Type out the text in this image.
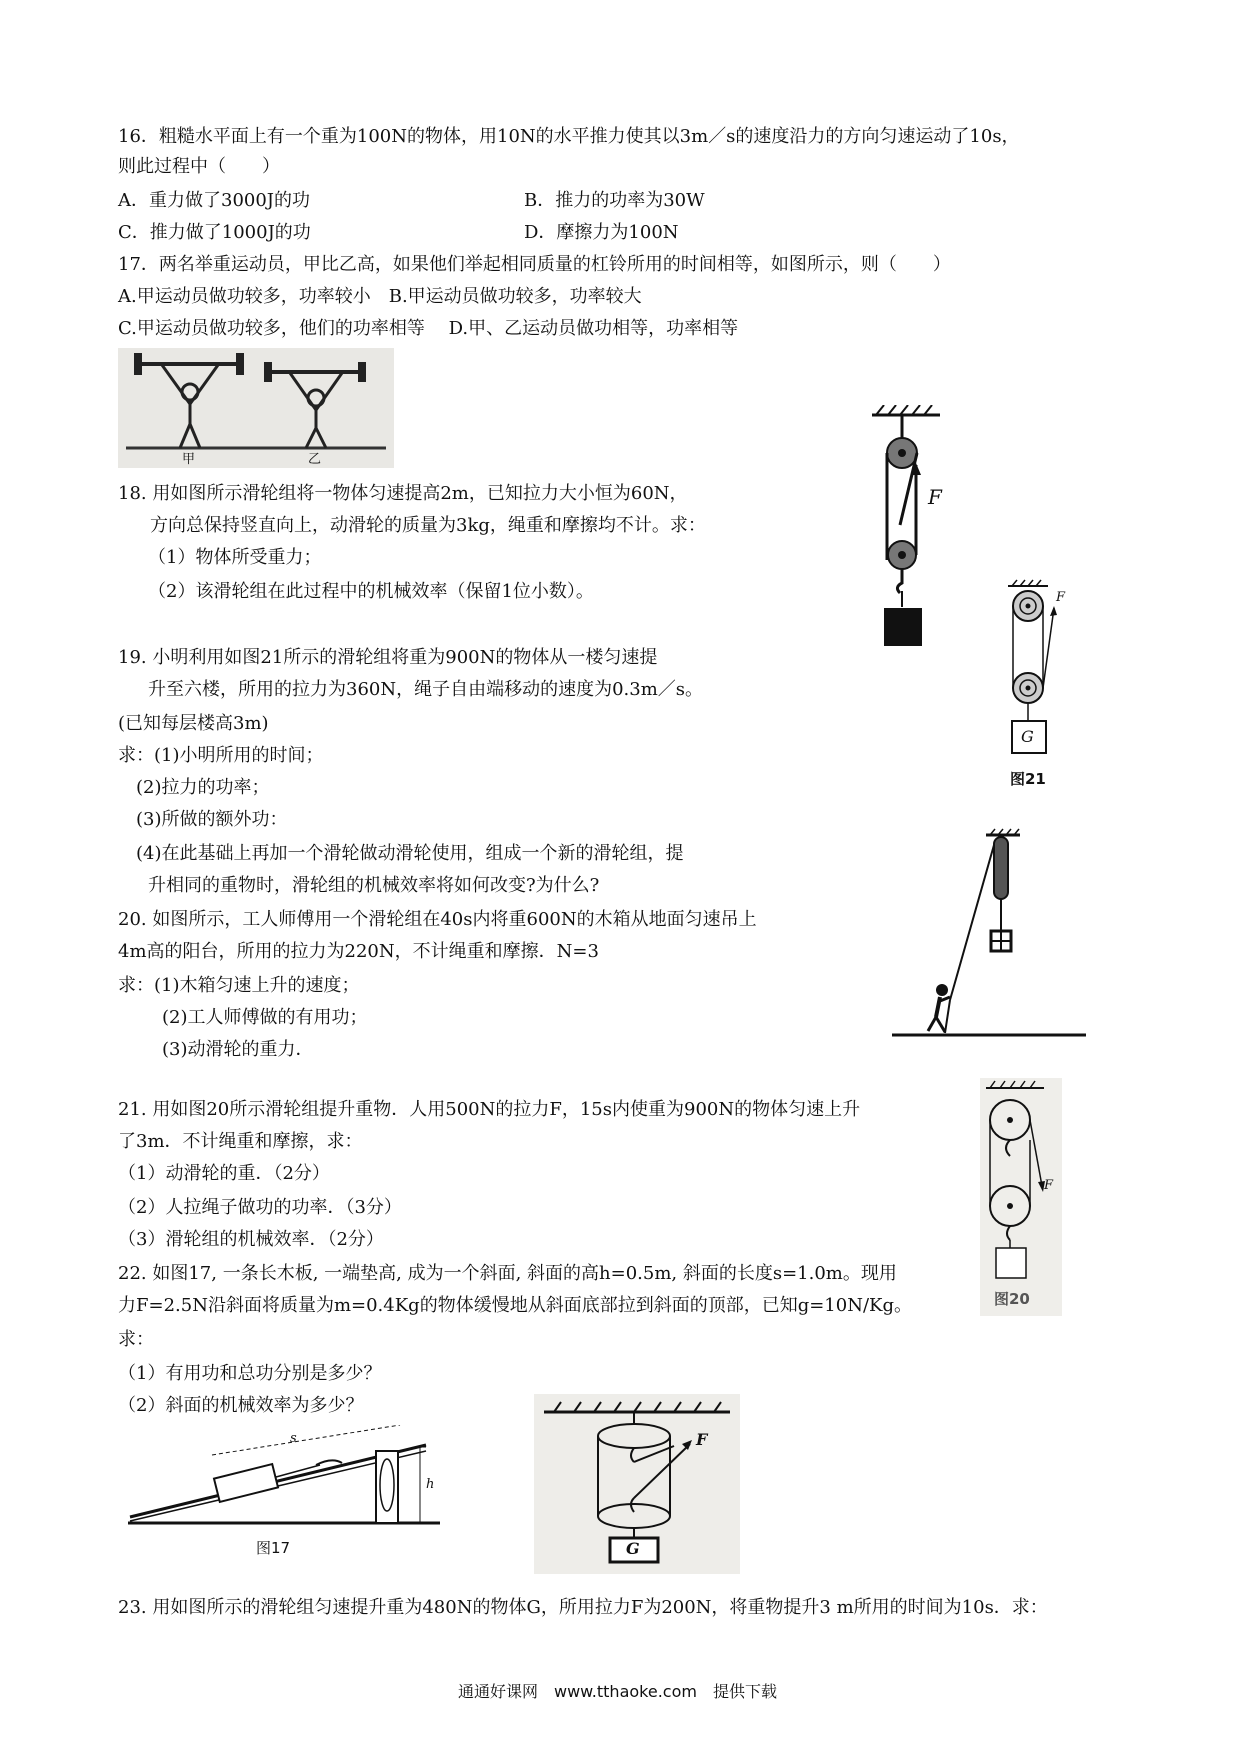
16．粗糙水平面上有一个重为100N的物体，用10N的水平推力使其以3m／s的速度沿力的方向匀速运动了10s，
则此过程中（　　）
A．重力做了3000J的功	B．推力的功率为30W
C．推力做了1000J的功	D．摩擦力为100N
17．两名举重运动员，甲比乙高，如果他们举起相同质量的杠铃所用的时间相等，如图所示，则（　　）
A.甲运动员做功较多，功率较小　B.甲运动员做功较多，功率较大
C.甲运动员做功较多，他们的功率相等　 D.甲、乙运动员做功相等，功率相等
甲	乙
18. 用如图所示滑轮组将一物体匀速提高2m，已知拉力大小恒为60N，
方向总保持竖直向上，动滑轮的质量为3kg，绳重和摩擦均不计。求：
（1）物体所受重力；
（2）该滑轮组在此过程中的机械效率（保留1位小数）。
F
19. 小明利用如图21所示的滑轮组将重为900N的物体从一楼匀速提
升至六楼，所用的拉力为360N，绳子自由端移动的速度为0.3m／s。
(已知每层楼高3m)
求：(1)小明所用的时间；
(2)拉力的功率；
(3)所做的额外功：
(4)在此基础上再加一个滑轮做动滑轮使用，组成一个新的滑轮组，提
升相同的重物时，滑轮组的机械效率将如何改变?为什么?
F
G
图21
20. 如图所示，工人师傅用一个滑轮组在40s内将重600N的木箱从地面匀速吊上
4m高的阳台，所用的拉力为220N，不计绳重和摩擦．N=3
求：(1)木箱匀速上升的速度；
(2)工人师傅做的有用功；
(3)动滑轮的重力．
21. 用如图20所示滑轮组提升重物．人用500N的拉力F，15s内使重为900N的物体匀速上升
了3m．不计绳重和摩擦，求：
（1）动滑轮的重．（2分）
（2）人拉绳子做功的功率．（3分）
（3）滑轮组的机械效率．（2分）
F
图20
22. 如图17, 一条长木板, 一端垫高, 成为一个斜面, 斜面的高h=0.5m, 斜面的长度s=1.0m。现用
力F=2.5N沿斜面将质量为m=0.4Kg的物体缓慢地从斜面底部拉到斜面的顶部，已知g=10N/Kg。
求：
（1）有用功和总功分别是多少？
（2）斜面的机械效率为多少？
s
h
图17
F
G
23. 用如图所示的滑轮组匀速提升重为480N的物体G，所用拉力F为200N，将重物提升3 m所用的时间为10s．求：
通通好课网　www.tthaoke.com　提供下载
